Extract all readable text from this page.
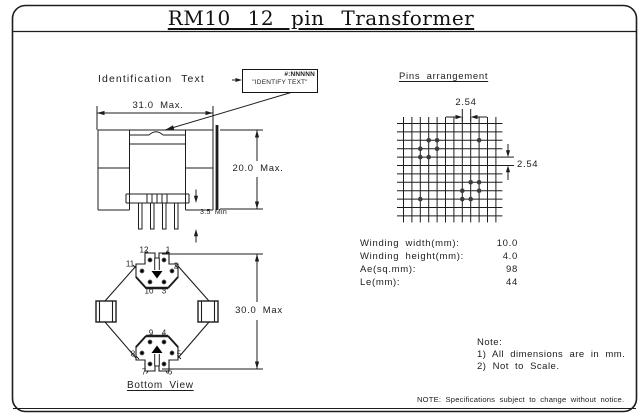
RM10 12 pin Transformer
Identification Text	#:NNNNN
"IDENTIFY TEXT"
31.0 Max.
20.0 Max.
3.5 Min
Pins arrangement
2.54
2.54
Winding width(mm):	10.0
Winding height(mm):	4.0
Ae(sq.mm):	98
Le(mm):	44
12 1
11	2
10 3
9 4
8	5
7	6
30.0 Max
Bottom View
Note:
1) All dimensions are in mm.
2) Not to Scale.
NOTE: Specifications subject to change without notice.
